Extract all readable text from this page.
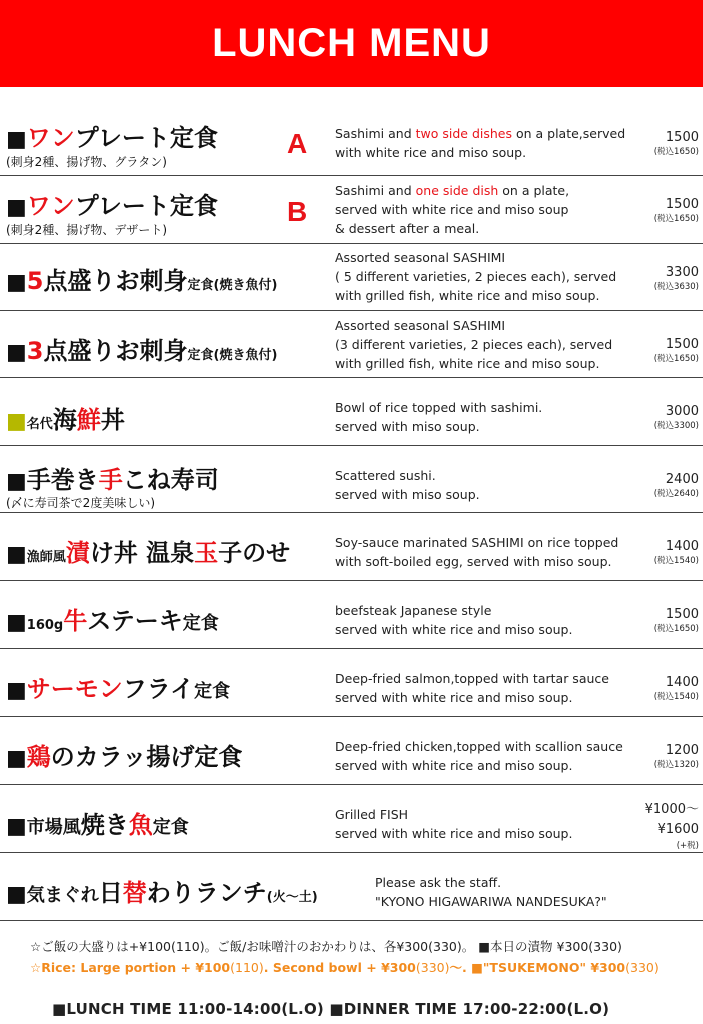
LUNCH MENU
■ワンプレート定食
(刺身2種、揚げ物、グラタン)
A Sashimi and two side dishes on a plate,served
with white rice and miso soup.
1500
(税込1650)
■ワンプレート定食
(刺身2種、揚げ物、デザート)
B
Sashimi and one side dish on a plate,
served with white rice and miso soup
& dessert after a meal.
1500
(税込1650)
■5点盛りお刺身定食(焼き魚付)
Assorted seasonal SASHIMI
( 5 different varieties, 2 pieces each), served
with grilled fish, white rice and miso soup.
3300
(税込3630)
■3点盛りお刺身定食(焼き魚付)
Assorted seasonal SASHIMI
(3 different varieties, 2 pieces each), served
with grilled fish, white rice and miso soup.
1500
(税込1650)
■名代海鮮丼	Bowl of rice topped with sashimi.
served with miso soup.
3000
(税込3300)
■手巻き手こね寿司
(〆に寿司茶で2度美味しい)
Scattered sushi.
served with miso soup.
2400
(税込2640)
■漁師風漬け丼 温泉玉子のせ	Soy-sauce marinated SASHIMI on rice topped
with soft-boiled egg, served with miso soup.
1400
(税込1540)
■160g牛ステーキ定食
beefsteak Japanese style
served with white rice and miso soup.
1500
(税込1650)
■サーモンフライ定食
Deep-fried salmon,topped with tartar sauce
served with white rice and miso soup.
1400
(税込1540)
■鶏のカラッ揚げ定食	Deep-fried chicken,topped with scallion sauce
served with white rice and miso soup.
1200
(税込1320)
■市場風焼き魚定食
Grilled FISH
served with white rice and miso soup.
¥1000～
¥1600
(+税)
■気まぐれ日替わりランチ(火～土)
Please ask the staff.
"KYONO HIGAWARIWA NANDESUKA?"
☆ご飯の大盛りは+¥100(110)。ご飯/お味噌汁のおかわりは、各¥300(330)。 ■本日の漬物 ¥300(330)
☆Rice: Large portion + ¥100(110). Second bowl + ¥300(330)～. ■"TSUKEMONO" ¥300(330)
■LUNCH TIME 11:00-14:00(L.O) ■DINNER TIME 17:00-22:00(L.O)
